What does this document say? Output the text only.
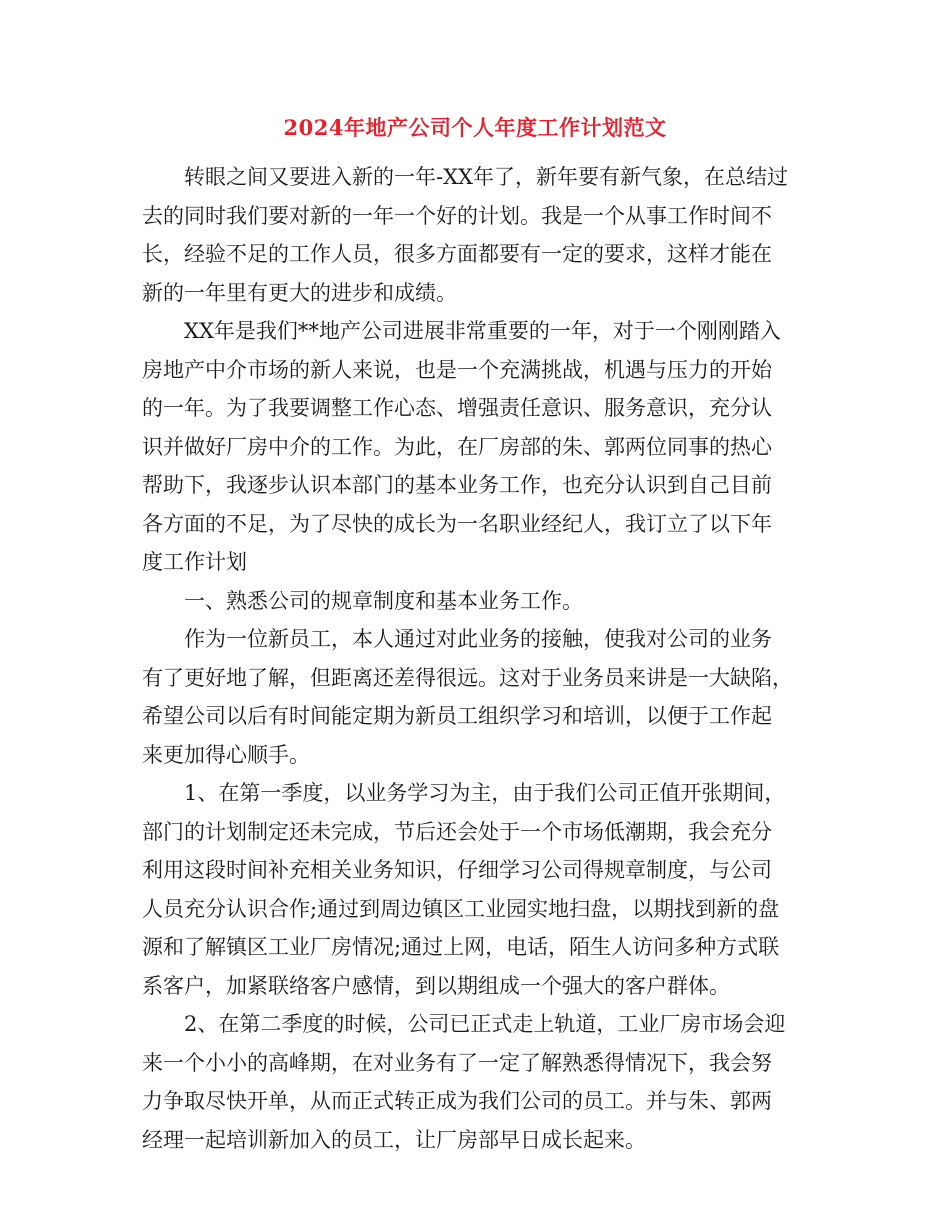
2024年地产公司个人年度工作计划范文
　　转眼之间又要进入新的一年-XX年了，新年要有新气象，在总结过
去的同时我们要对新的一年一个好的计划。我是一个从事工作时间不
长，经验不足的工作人员，很多方面都要有一定的要求，这样才能在
新的一年里有更大的进步和成绩。
　　XX年是我们**地产公司进展非常重要的一年，对于一个刚刚踏入
房地产中介市场的新人来说，也是一个充满挑战，机遇与压力的开始
的一年。为了我要调整工作心态、增强责任意识、服务意识，充分认
识并做好厂房中介的工作。为此，在厂房部的朱、郭两位同事的热心
帮助下，我逐步认识本部门的基本业务工作，也充分认识到自己目前
各方面的不足，为了尽快的成长为一名职业经纪人，我订立了以下年
度工作计划
　　一、熟悉公司的规章制度和基本业务工作。
　　作为一位新员工，本人通过对此业务的接触，使我对公司的业务
有了更好地了解，但距离还差得很远。这对于业务员来讲是一大缺陷，
希望公司以后有时间能定期为新员工组织学习和培训，以便于工作起
来更加得心顺手。
　　1、在第一季度，以业务学习为主，由于我们公司正值开张期间，
部门的计划制定还未完成，节后还会处于一个市场低潮期，我会充分
利用这段时间补充相关业务知识，仔细学习公司得规章制度，与公司
人员充分认识合作;通过到周边镇区工业园实地扫盘，以期找到新的盘
源和了解镇区工业厂房情况;通过上网，电话，陌生人访问多种方式联
系客户，加紧联络客户感情，到以期组成一个强大的客户群体。
　　2、在第二季度的时候，公司已正式走上轨道，工业厂房市场会迎
来一个小小的高峰期，在对业务有了一定了解熟悉得情况下，我会努
力争取尽快开单，从而正式转正成为我们公司的员工。并与朱、郭两
经理一起培训新加入的员工，让厂房部早日成长起来。
